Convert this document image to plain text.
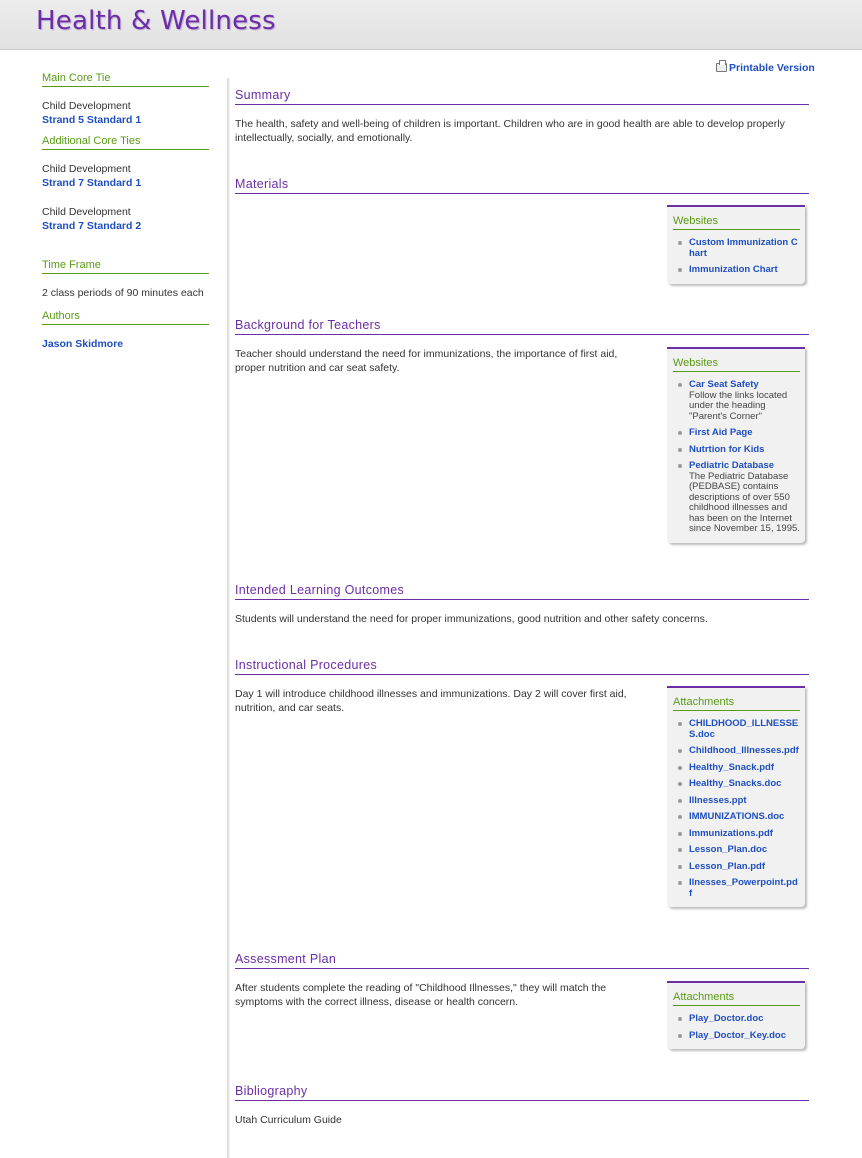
Health & Wellness
Main Core Tie
Child Development
Strand 5 Standard 1
Additional Core Ties
Child Development
Strand 7 Standard 1
Child Development
Strand 7 Standard 2
Time Frame
2 class periods of 90 minutes each
Authors
Jason Skidmore
Printable Version
Summary
The health, safety and well-being of children is important. Children who are in good health are able to develop properly intellectually, socially, and emotionally.
Materials
Websites
Custom Immunization Chart
Immunization Chart
Background for Teachers
Teacher should understand the need for immunizations, the importance of first aid, proper nutrition and car seat safety.	Websites
Car Seat Safety
Follow the links located under the heading "Parent's Corner"
First Aid Page
Nutrtion for Kids
Pediatric Database
The Pediatric Database (PEDBASE) contains descriptions of over 550 childhood illnesses and has been on the Internet since November 15, 1995.
Intended Learning Outcomes
Students will understand the need for proper immunizations, good nutrition and other safety concerns.
Instructional Procedures
Day 1 will introduce childhood illnesses and immunizations. Day 2 will cover first aid, nutrition, and car seats.	Attachments
CHILDHOOD_ILLNESSES.doc
Childhood_Illnesses.pdf
Healthy_Snack.pdf
Healthy_Snacks.doc
Illnesses.ppt
IMMUNIZATIONS.doc
Immunizations.pdf
Lesson_Plan.doc
Lesson_Plan.pdf
Ilnesses_Powerpoint.pdf
Assessment Plan
After students complete the reading of "Childhood Illnesses," they will match the symptoms with the correct illness, disease or health concern.	Attachments
Play_Doctor.doc
Play_Doctor_Key.doc
Bibliography
Utah Curriculum Guide
